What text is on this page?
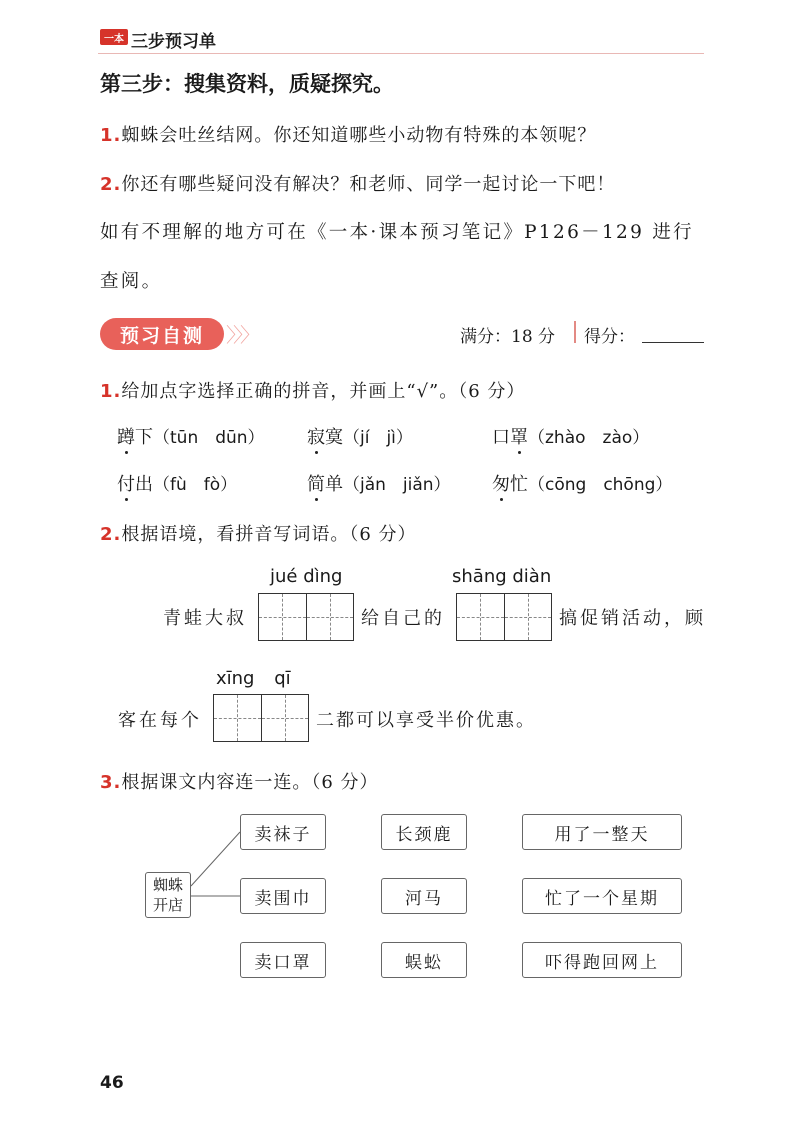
一本 三步预习单
第三步：搜集资料，质疑探究。
1.蜘蛛会吐丝结网。你还知道哪些小动物有特殊的本领呢？
2.你还有哪些疑问没有解决？和老师、同学一起讨论一下吧！
如有不理解的地方可在《一本·课本预习笔记》P126－129 进行
查阅。
预习自测	〉〉〉	满分：18 分 得分：
1.给加点字选择正确的拼音，并画上“√”。（6 分）
蹲下（tūn　dūn） 寂寞（jí　jì）	口罩（zhào　zào）
付出（fù　fò）	简单（jǎn　jiǎn） 匆忙（cōng　chōng）
2.根据语境，看拼音写词语。（6 分）
jué dìng	shāng diàn
青蛙大叔	给自己的	搞促销活动，顾
xīng qī
客在每个	二都可以享受半价优惠。
3.根据课文内容连一连。（6 分）
蜘蛛
开店
卖袜子
卖围巾
卖口罩
长颈鹿
河马
蜈蚣
用了一整天
忙了一个星期
吓得跑回网上
46
